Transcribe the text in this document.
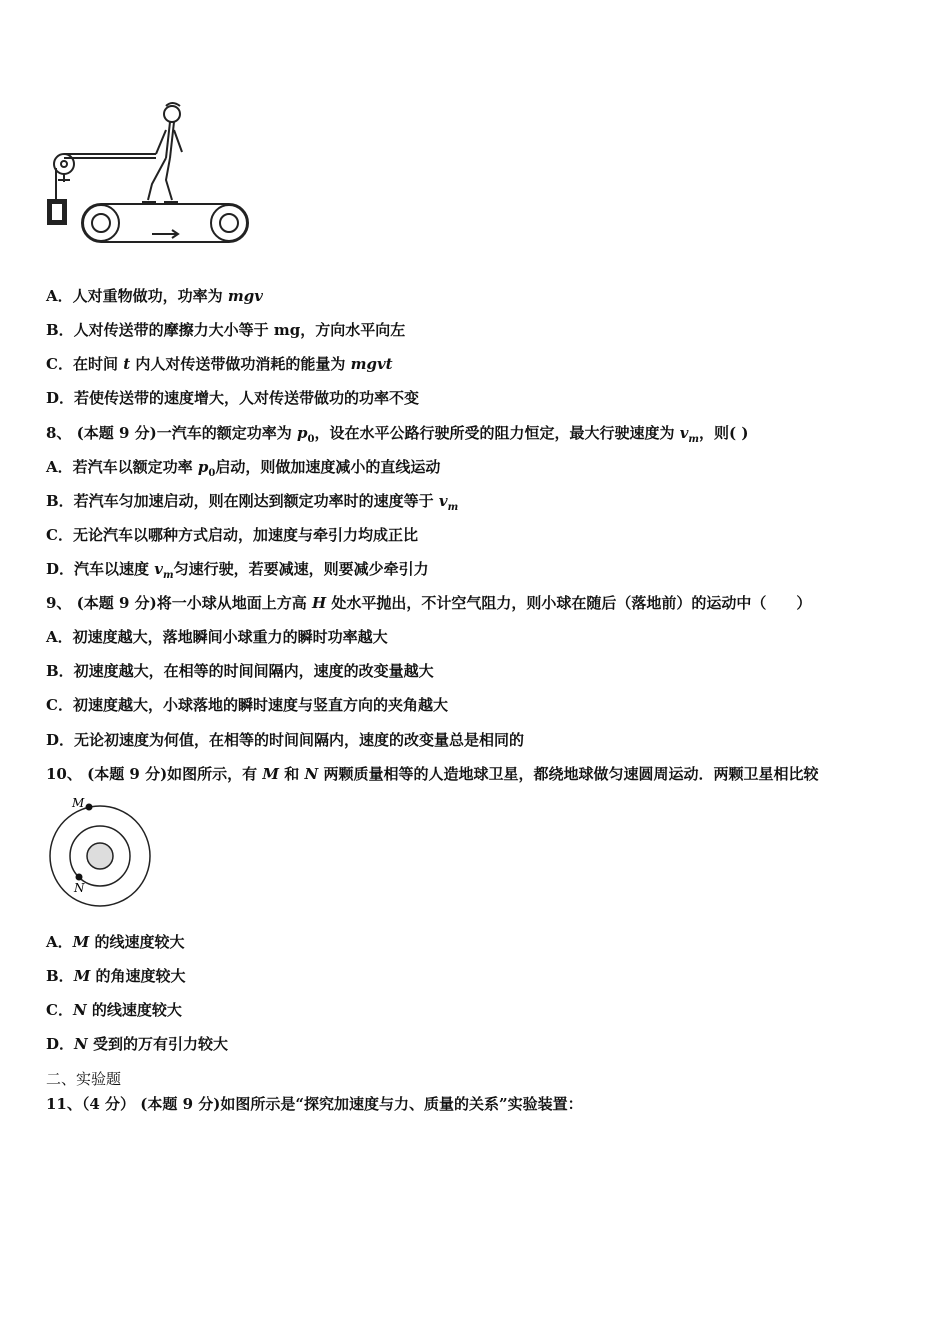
A．人对重物做功，功率为 mgv
B．人对传送带的摩擦力大小等于 mg，方向水平向左
C．在时间 t 内人对传送带做功消耗的能量为 mgvt
D．若使传送带的速度增大，人对传送带做功的功率不变
8、 (本题 9 分)一汽车的额定功率为 $p_0$，设在水平公路行驶所受的阻力恒定，最大行驶速度为 $v_m$，则( )
A．若汽车以额定功率 $p_0$启动，则做加速度减小的直线运动
B．若汽车匀加速启动，则在刚达到额定功率时的速度等于 $v_m$
C．无论汽车以哪种方式启动，加速度与牵引力均成正比
D．汽车以速度 $v_m$匀速行驶，若要减速，则要减少牵引力
9、 (本题 9 分)将一小球从地面上方高 H 处水平抛出，不计空气阻力，则小球在随后（落地前）的运动中（　　）
A．初速度越大，落地瞬间小球重力的瞬时功率越大
B．初速度越大，在相等的时间间隔内，速度的改变量越大
C．初速度越大，小球落地的瞬时速度与竖直方向的夹角越大
D．无论初速度为何值，在相等的时间间隔内，速度的改变量总是相同的
10、 (本题 9 分)如图所示，有 M 和 N 两颗质量相等的人造地球卫星，都绕地球做匀速圆周运动．两颗卫星相比较
M
N
A．M 的线速度较大
B．M 的角速度较大
C．N 的线速度较大
D．N 受到的万有引力较大
二、实验题
11、（4 分） (本题 9 分)如图所示是“探究加速度与力、质量的关系”实验装置：
